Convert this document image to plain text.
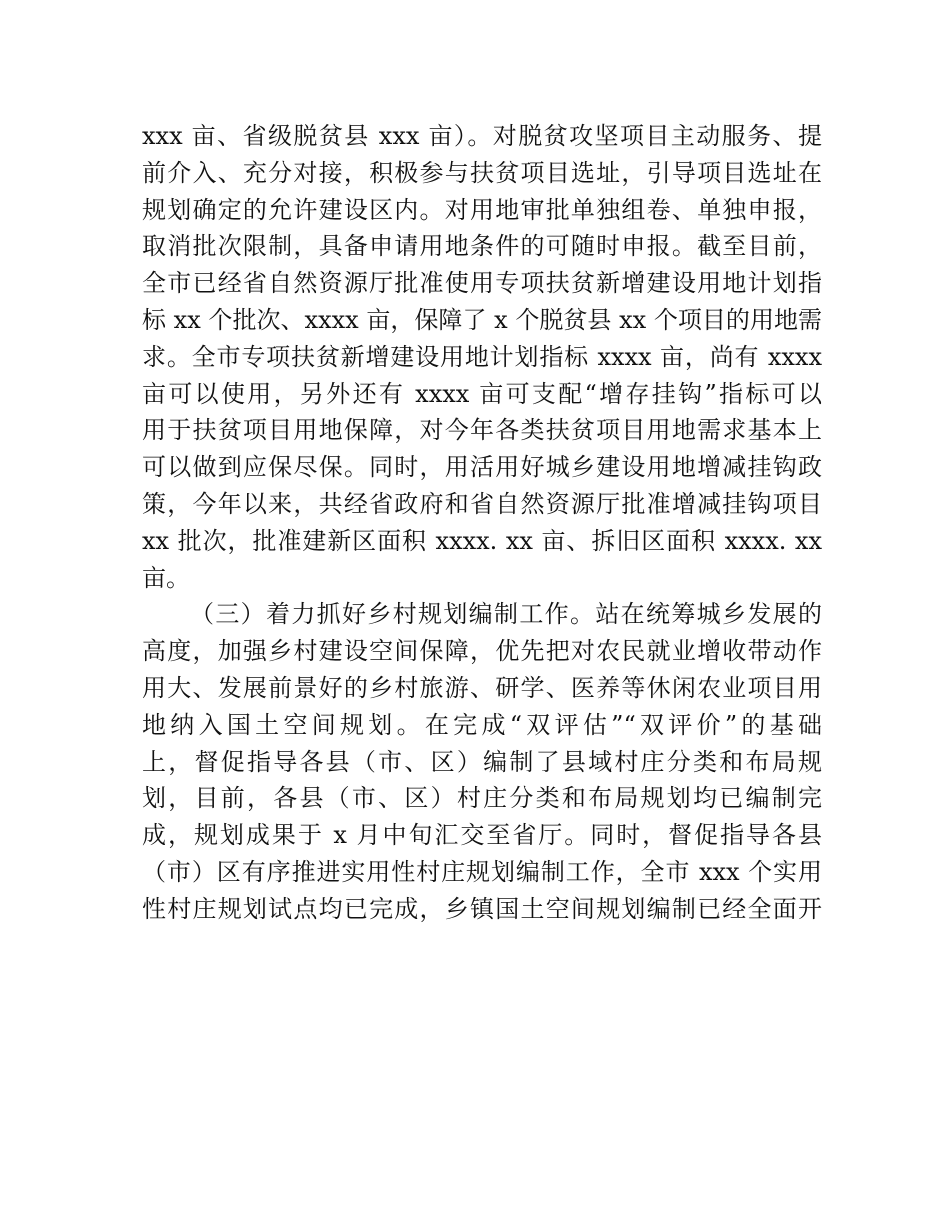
xxx 亩、省级脱贫县 xxx 亩）。对脱贫攻坚项目主动服务、提
前介入、充分对接，积极参与扶贫项目选址，引导项目选址在
规划确定的允许建设区内。对用地审批单独组卷、单独申报，
取消批次限制，具备申请用地条件的可随时申报。截至目前，
全市已经省自然资源厅批准使用专项扶贫新增建设用地计划指
标 xx 个批次、xxxx 亩，保障了 x 个脱贫县 xx 个项目的用地需
求。全市专项扶贫新增建设用地计划指标 xxxx 亩，尚有 xxxx
亩可以使用，另外还有 xxxx 亩可支配“增存挂钩”指标可以
用于扶贫项目用地保障，对今年各类扶贫项目用地需求基本上
可以做到应保尽保。同时，用活用好城乡建设用地增减挂钩政
策，今年以来，共经省政府和省自然资源厅批准增减挂钩项目
xx 批次，批准建新区面积 xxxx. xx 亩、拆旧区面积 xxxx. xx
亩。
（三）着力抓好乡村规划编制工作。站在统筹城乡发展的
高度，加强乡村建设空间保障，优先把对农民就业增收带动作
用大、发展前景好的乡村旅游、研学、医养等休闲农业项目用
地纳入国土空间规划。在完成“双评估”“双评价”的基础
上，督促指导各县（市、区）编制了县域村庄分类和布局规
划，目前，各县（市、区）村庄分类和布局规划均已编制完
成，规划成果于 x 月中旬汇交至省厅。同时，督促指导各县
（市）区有序推进实用性村庄规划编制工作，全市 xxx 个实用
性村庄规划试点均已完成，乡镇国土空间规划编制已经全面开
